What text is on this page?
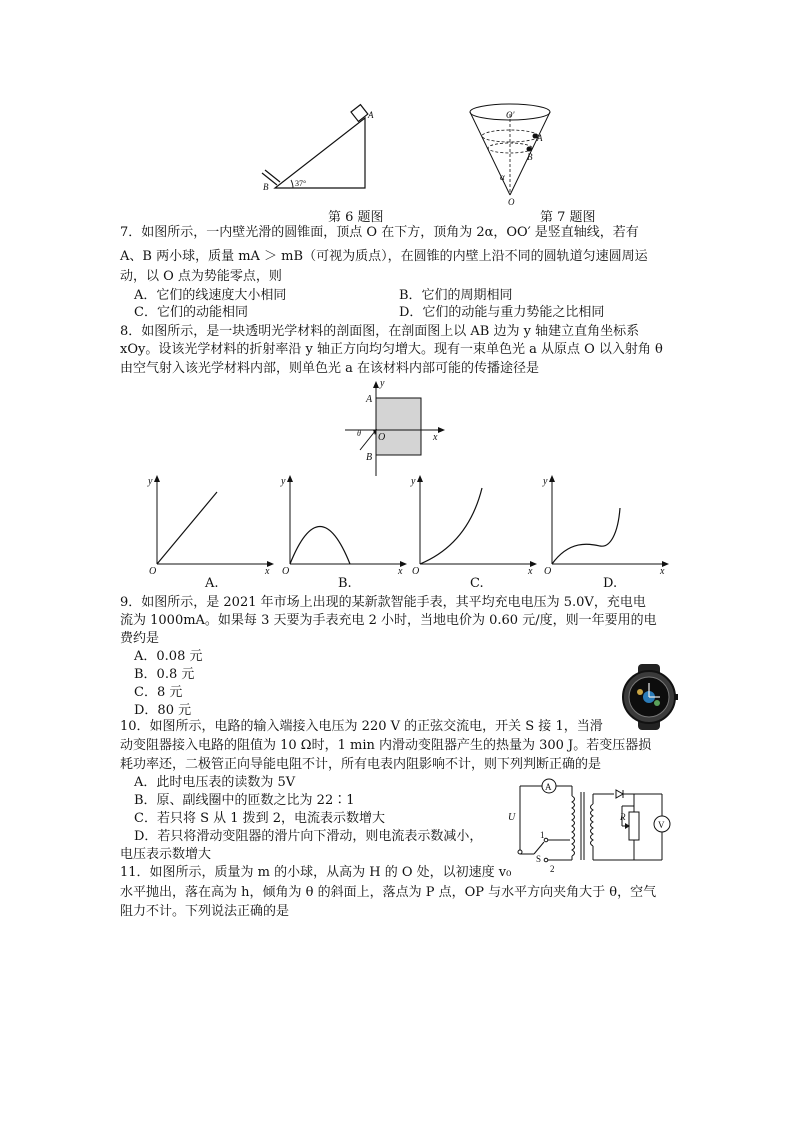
A
B	37°
第 6 题图
O'
A
B
α
O
第 7 题图
7．如图所示，一内壁光滑的圆锥面，顶点 O 在下方，顶角为 2α，OO′ 是竖直轴线，若有
A、B 两小球，质量 mA ＞ mB（可视为质点），在圆锥的内壁上沿不同的圆轨道匀速圆周运
动，以 O 点为势能零点，则
A．它们的线速度大小相同	B．它们的周期相同
C．它们的动能相同	D．它们的动能与重力势能之比相同
8．如图所示，是一块透明光学材料的剖面图，在剖面图上以 AB 边为 y 轴建立直角坐标系
xOy。设该光学材料的折射率沿 y 轴正方向均匀增大。现有一束单色光 a 从原点 O 以入射角 θ
由空气射入该光学材料内部，则单色光 a 在该材料内部可能的传播途径是
y
x
A
B
O
θ
y
x
O
y
x
O
y
x
O
y
x
O
A.	B.	C.	D.
9．如图所示，是 2021 年市场上出现的某新款智能手表，其平均充电电压为 5.0V，充电电
流为 1000mA。如果每 3 天要为手表充电 2 小时，当地电价为 0.60 元/度，则一年要用的电
费约是
A．0.08 元
B．0.8 元
C．8 元
D．80 元
10．如图所示，电路的输入端接入电压为 220 V 的正弦交流电，开关 S 接 1，当滑
动变阻器接入电路的阻值为 10 Ω时，1 min 内滑动变阻器产生的热量为 300 J。若变压器损
耗功率还，二极管正向导能电阻不计，所有电表内阻影响不计，则下列判断正确的是
A．此时电压表的读数为 5V
B．原、副线圈中的匝数之比为 22∶1
C．若只将 S 从 1 拨到 2，电流表示数增大
D．若只将滑动变阻器的滑片向下滑动，则电流表示数减小，
电压表示数增大
A
V
R
U
S
1
2
11．如图所示，质量为 m 的小球，从高为 H 的 O 处，以初速度 v₀
水平抛出，落在高为 h，倾角为 θ 的斜面上，落点为 P 点，OP 与水平方向夹角大于 θ，空气
阻力不计。下列说法正确的是
